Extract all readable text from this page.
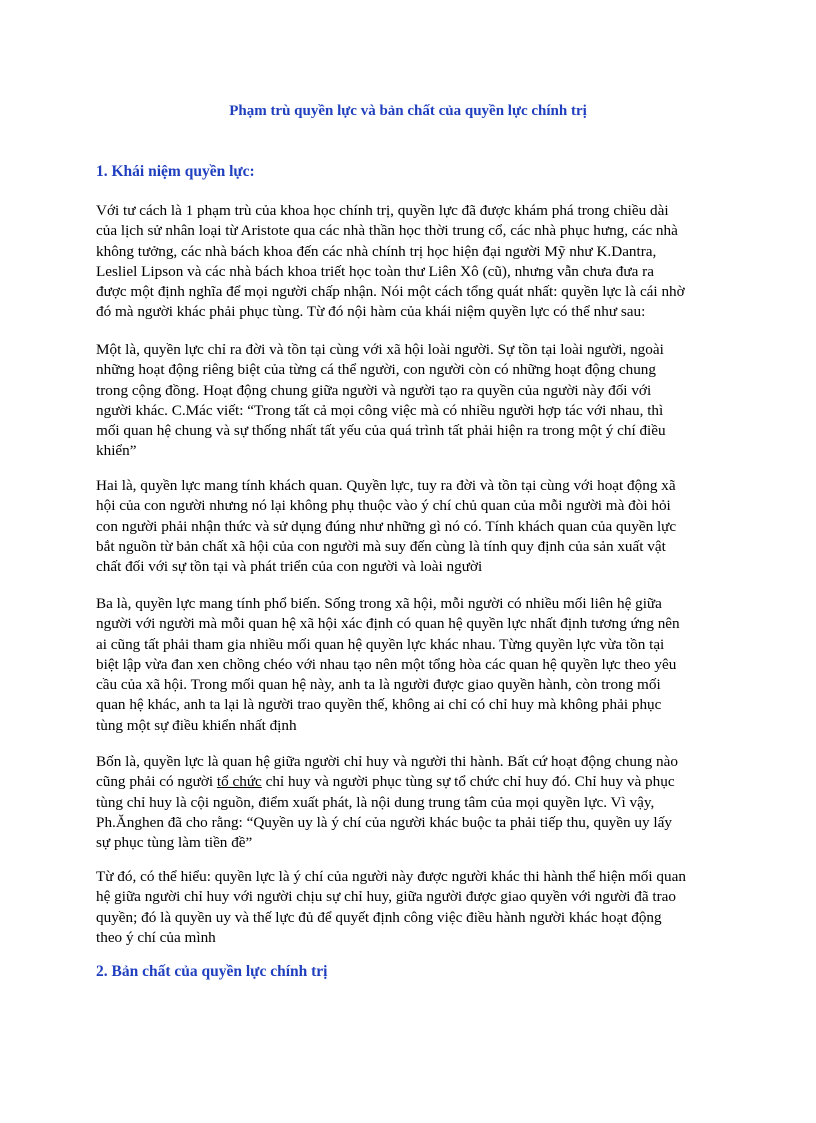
Phạm trù quyền lực và bản chất của quyền lực chính trị
1. Khái niệm quyền lực:
Với tư cách là 1 phạm trù của khoa học chính trị, quyền lực đã được khám phá trong chiều dài
của lịch sử nhân loại từ Aristote qua các nhà thần học thời trung cổ, các nhà phục hưng, các nhà
không tưởng, các nhà bách khoa đến các nhà chính trị học hiện đại người Mỹ như K.Dantra,
Lesliel Lipson và các nhà bách khoa triết học toàn thư Liên Xô (cũ), nhưng vẫn chưa đưa ra
được một định nghĩa để mọi người chấp nhận. Nói một cách tổng quát nhất: quyền lực là cái nhờ
đó mà người khác phải phục tùng. Từ đó nội hàm của khái niệm quyền lực có thể như sau:
Một là, quyền lực chỉ ra đời và tồn tại cùng với xã hội loài người. Sự tồn tại loài người, ngoài
những hoạt động riêng biệt của từng cá thể người, con người còn có những hoạt động chung
trong cộng đồng. Hoạt động chung giữa người và người tạo ra quyền của người này đối với
người khác. C.Mác viết: “Trong tất cả mọi công việc mà có nhiều người hợp tác với nhau, thì
mối quan hệ chung và sự thống nhất tất yếu của quá trình tất phải hiện ra trong một ý chí điều
khiển”
Hai là, quyền lực mang tính khách quan. Quyền lực, tuy ra đời và tồn tại cùng với hoạt động xã
hội của con người nhưng nó lại không phụ thuộc vào ý chí chủ quan của mỗi người mà đòi hỏi
con người phải nhận thức và sử dụng đúng như những gì nó có. Tính khách quan của quyền lực
bắt nguồn từ bản chất xã hội của con người mà suy đến cùng là tính quy định của sản xuất vật
chất đối với sự tồn tại và phát triển của con người và loài người
Ba là, quyền lực mang tính phổ biến. Sống trong xã hội, mỗi người có nhiều mối liên hệ giữa
người với người mà mỗi quan hệ xã hội xác định có quan hệ quyền lực nhất định tương ứng nên
ai cũng tất phải tham gia nhiều mối quan hệ quyền lực khác nhau. Từng quyền lực vừa tồn tại
biệt lập vừa đan xen chồng chéo với nhau tạo nên một tổng hòa các quan hệ quyền lực theo yêu
cầu của xã hội. Trong mối quan hệ này, anh ta là người được giao quyền hành, còn trong mối
quan hệ khác, anh ta lại là người trao quyền thế, không ai chỉ có chỉ huy mà không phải phục
tùng một sự điều khiển nhất định
Bốn là, quyền lực là quan hệ giữa người chỉ huy và người thi hành. Bất cứ hoạt động chung nào
cũng phải có người tổ chức chỉ huy và người phục tùng sự tổ chức chỉ huy đó. Chỉ huy và phục
tùng chỉ huy là cội nguồn, điểm xuất phát, là nội dung trung tâm của mọi quyền lực. Vì vậy,
Ph.Ănghen đã cho rằng: “Quyền uy là ý chí của người khác buộc ta phải tiếp thu, quyền uy lấy
sự phục tùng làm tiền đề”
Từ đó, có thể hiểu: quyền lực là ý chí của người này được người khác thi hành thể hiện mối quan
hệ giữa người chỉ huy với người chịu sự chỉ huy, giữa người được giao quyền với người đã trao
quyền; đó là quyền uy và thế lực đủ để quyết định công việc điều hành người khác hoạt động
theo ý chí của mình
2. Bản chất của quyền lực chính trị
